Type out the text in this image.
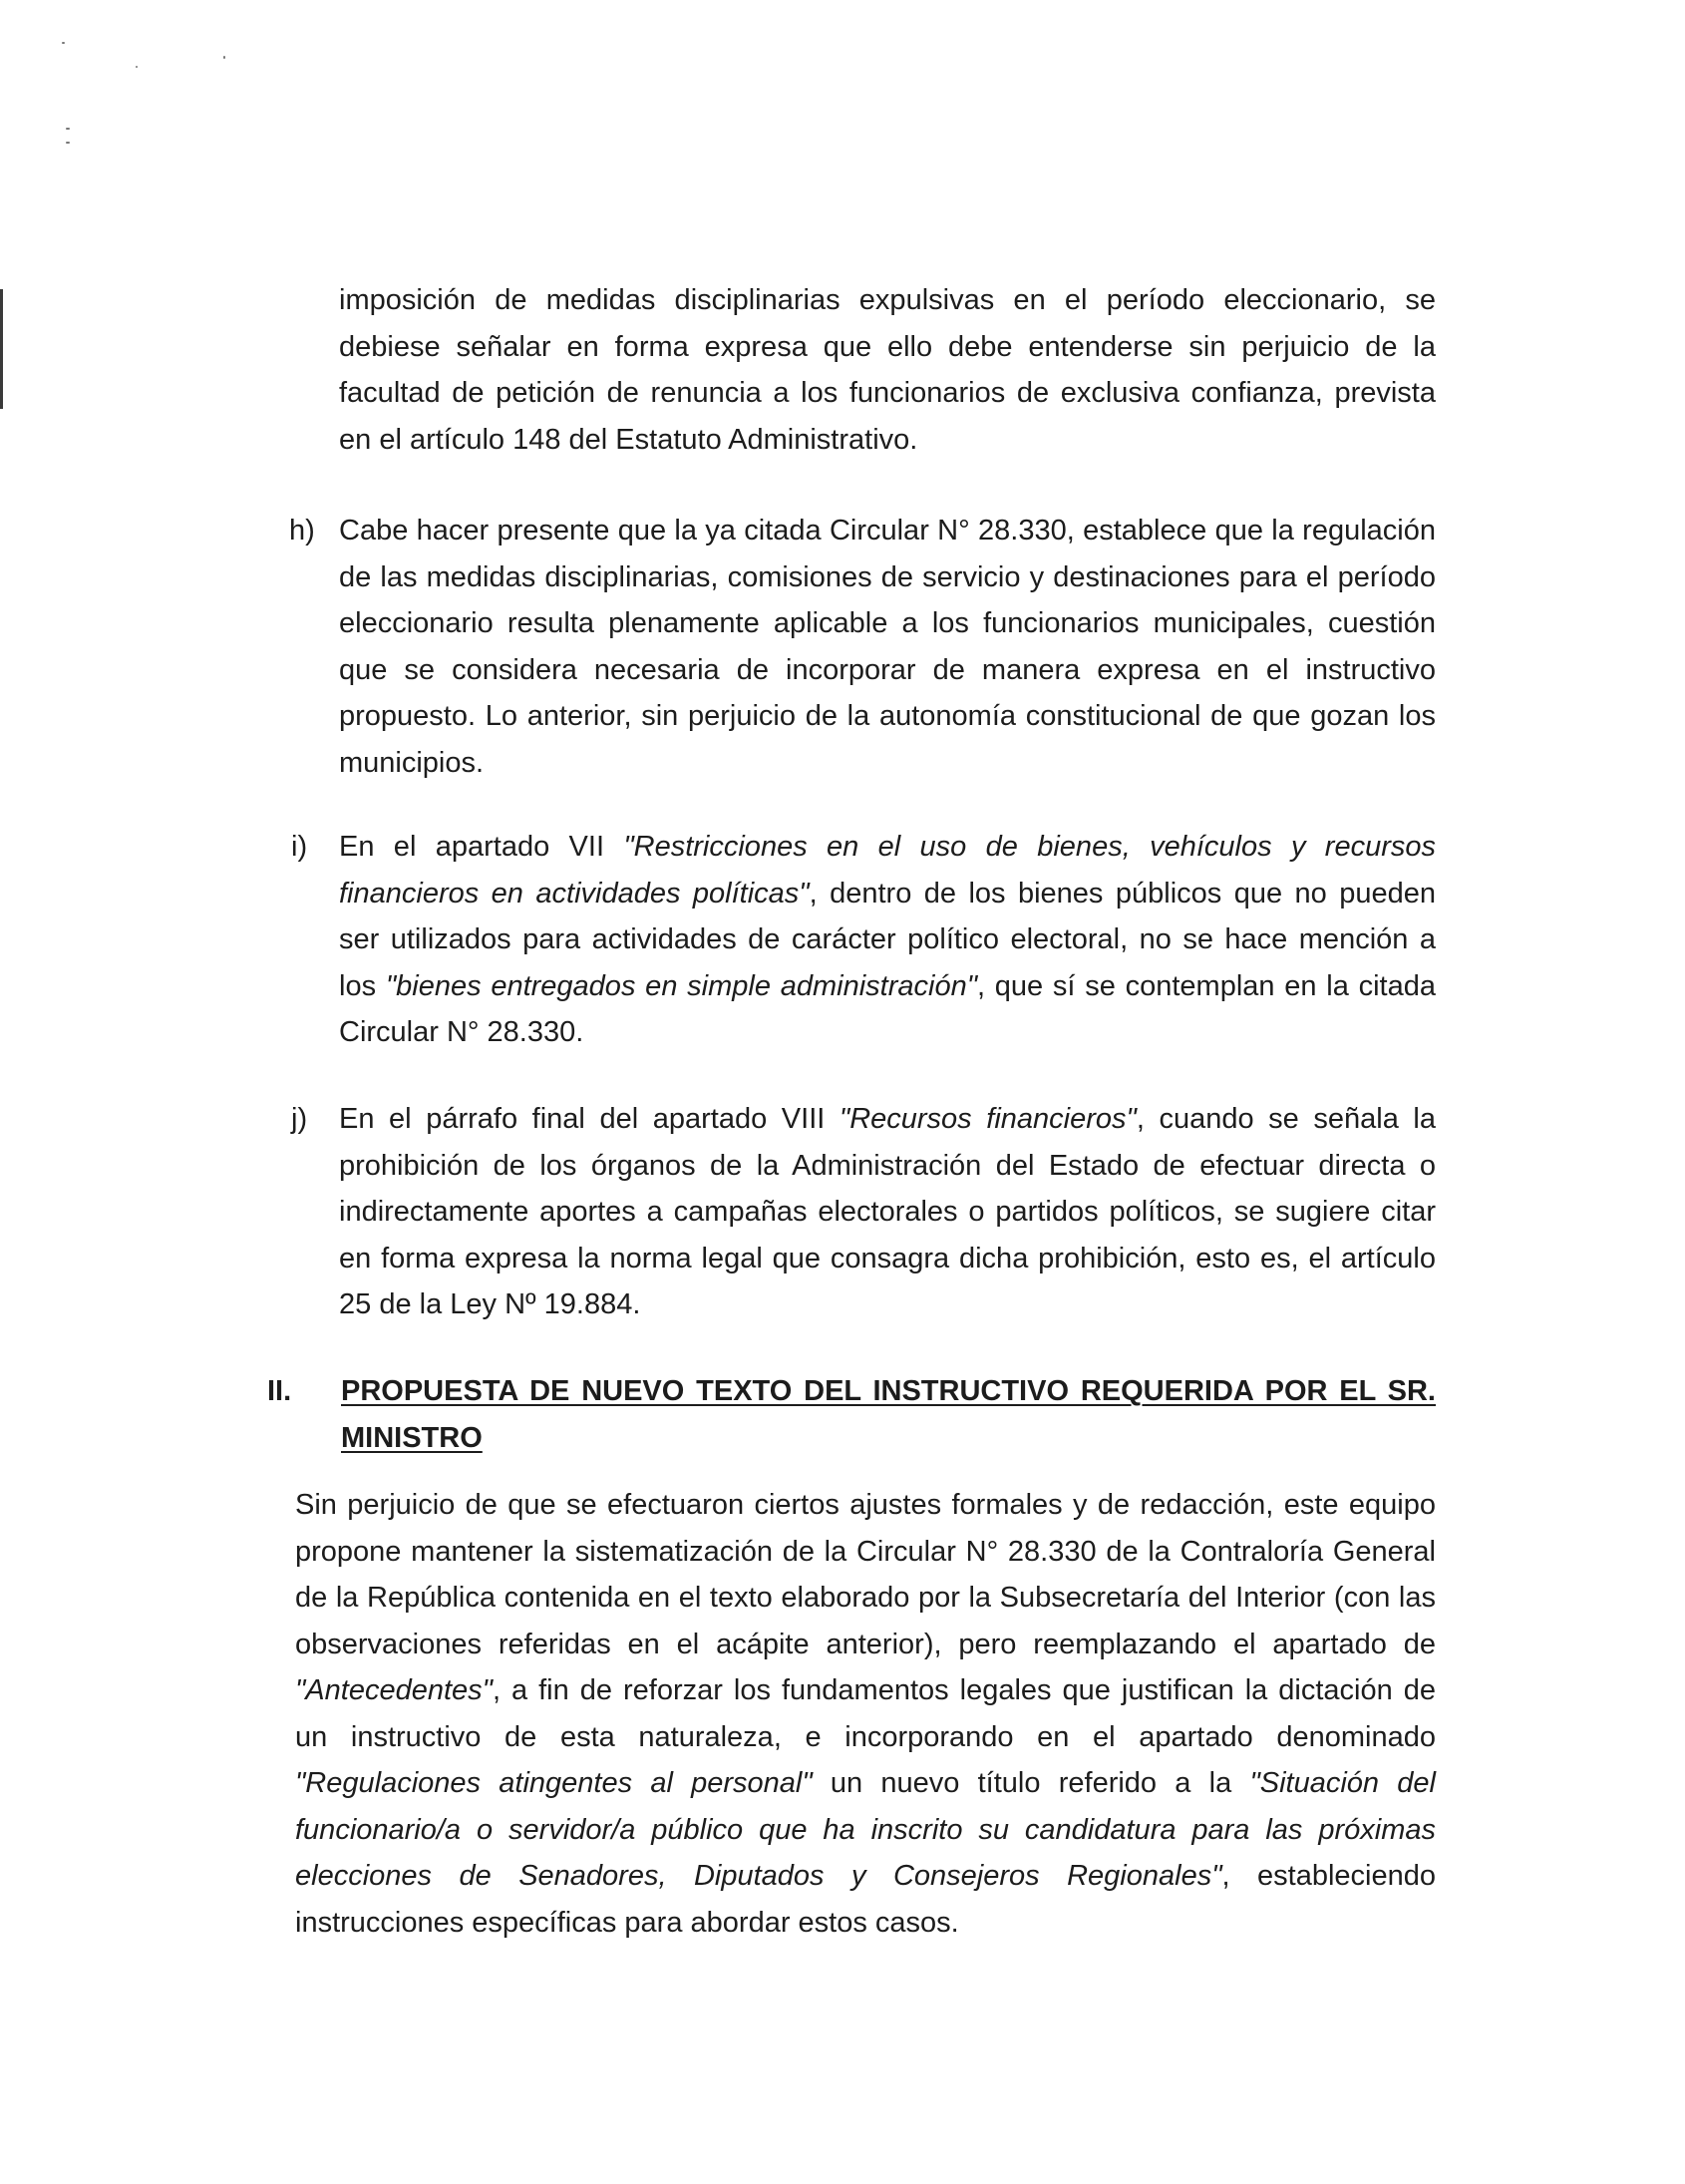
imposición de medidas disciplinarias expulsivas en el período eleccionario, se debiese señalar en forma expresa que ello debe entenderse sin perjuicio de la facultad de petición de renuncia a los funcionarios de exclusiva confianza, prevista en el artículo 148 del Estatuto Administrativo.

h) Cabe hacer presente que la ya citada Circular N° 28.330, establece que la regulación de las medidas disciplinarias, comisiones de servicio y destinaciones para el período eleccionario resulta plenamente aplicable a los funcionarios municipales, cuestión que se considera necesaria de incorporar de manera expresa en el instructivo propuesto. Lo anterior, sin perjuicio de la autonomía constitucional de que gozan los municipios.

i) En el apartado VII "Restricciones en el uso de bienes, vehículos y recursos financieros en actividades políticas", dentro de los bienes públicos que no pueden ser utilizados para actividades de carácter político electoral, no se hace mención a los "bienes entregados en simple administración", que sí se contemplan en la citada Circular N° 28.330.

j) En el párrafo final del apartado VIII "Recursos financieros", cuando se señala la prohibición de los órganos de la Administración del Estado de efectuar directa o indirectamente aportes a campañas electorales o partidos políticos, se sugiere citar en forma expresa la norma legal que consagra dicha prohibición, esto es, el artículo 25 de la Ley Nº 19.884.

II. PROPUESTA DE NUEVO TEXTO DEL INSTRUCTIVO REQUERIDA POR EL SR. MINISTRO

Sin perjuicio de que se efectuaron ciertos ajustes formales y de redacción, este equipo propone mantener la sistematización de la Circular N° 28.330 de la Contraloría General de la República contenida en el texto elaborado por la Subsecretaría del Interior (con las observaciones referidas en el acápite anterior), pero reemplazando el apartado de "Antecedentes", a fin de reforzar los fundamentos legales que justifican la dictación de un instructivo de esta naturaleza, e incorporando en el apartado denominado "Regulaciones atingentes al personal" un nuevo título referido a la "Situación del funcionario/a o servidor/a público que ha inscrito su candidatura para las próximas elecciones de Senadores, Diputados y Consejeros Regionales", estableciendo instrucciones específicas para abordar estos casos.
